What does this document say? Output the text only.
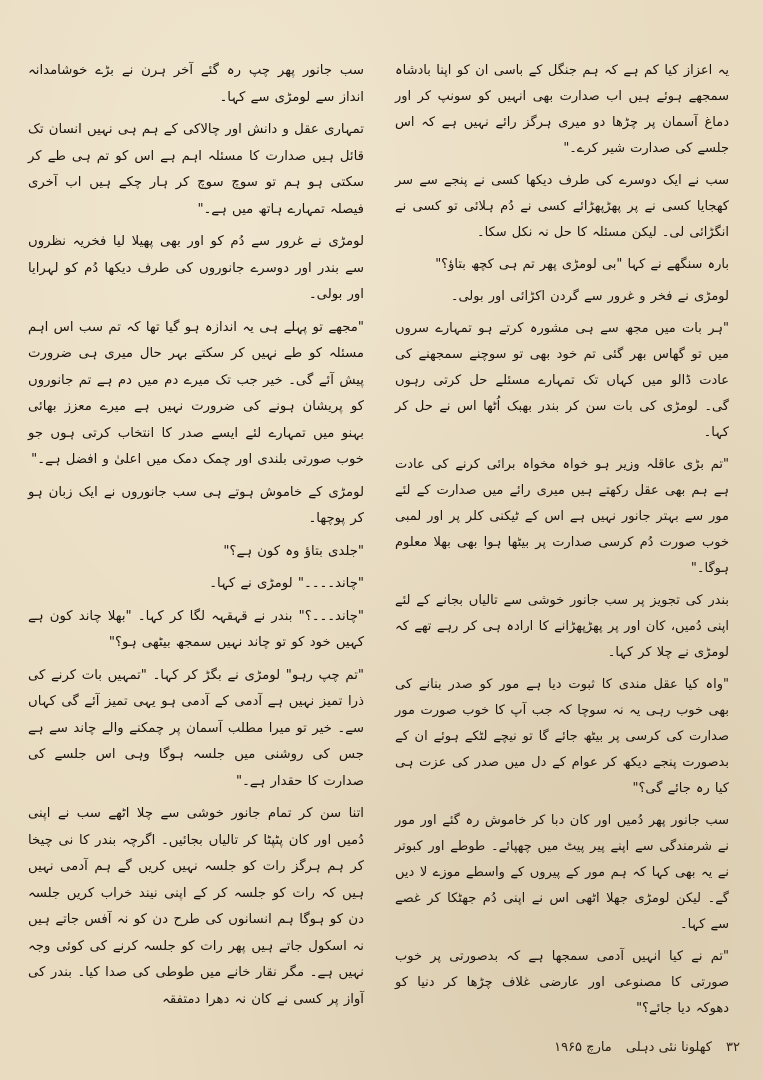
یہ اعزاز کیا کم ہے کہ ہم جنگل کے باسی ان کو اپنا بادشاہ سمجھے ہوئے ہیں اب صدارت بھی انہیں کو سونپ کر اور دماغ آسمان پر چڑھا دو میری ہرگز رائے نہیں ہے کہ اس جلسے کی صدارت شیر کرے۔"

سب نے ایک دوسرے کی طرف دیکھا کسی نے پنجے سے سر کھجایا کسی نے پر پھڑپھڑائے کسی نے دُم ہلائی تو کسی نے انگڑائی لی۔ لیکن مسئلہ کا حل نہ نکل سکا۔

بارہ سنگھے نے کہا "بی لومڑی پھر تم ہی کچھ بتاؤ؟"

لومڑی نے فخر و غرور سے گردن اکڑائی اور بولی۔

"ہر بات میں مجھ سے ہی مشورہ کرتے ہو تمہارے سروں میں تو گھاس بھر گئی تم خود بھی تو سوچنے سمجھنے کی عادت ڈالو میں کہاں تک تمہارے مسئلے حل کرتی رہوں گی۔ لومڑی کی بات سن کر بندر بھبک اُٹھا اس نے حل کر کہا۔

"تم بڑی عاقلہ وزیر ہو خواہ مخواہ برائی کرنے کی عادت ہے ہم بھی عقل رکھتے ہیں میری رائے میں صدارت کے لئے مور سے بہتر جانور نہیں ہے اس کے ٹیکنی کلر پر اور لمبی خوب صورت دُم کرسی صدارت پر بیٹھا ہوا بھی بھلا معلوم ہوگا۔"

بندر کی تجویز پر سب جانور خوشی سے تالیاں بجانے کے لئے اپنی دُمیں، کان اور پر پھڑپھڑانے کا ارادہ ہی کر رہے تھے کہ لومڑی نے چلا کر کہا۔

"واہ کیا عقل مندی کا ثبوت دیا ہے مور کو صدر بنانے کی بھی خوب رہی یہ نہ سوچا کہ جب آپ کا خوب صورت مور صدارت کی کرسی پر بیٹھ جائے گا تو نیچے لٹکے ہوئے ان کے بدصورت پنجے دیکھ کر عوام کے دل میں صدر کی عزت ہی کیا رہ جائے گی؟"

سب جانور پھر دُمیں اور کان دبا کر خاموش رہ گئے اور مور نے شرمندگی سے اپنے پیر پیٹ میں چھپائے۔ طوطے اور کبوتر نے یہ بھی کہا کہ ہم مور کے پیروں کے واسطے موزے لا دیں گے۔ لیکن لومڑی جھلا اٹھی اس نے اپنی دُم جھٹکا کر غصے سے کہا۔

"تم نے کیا انہیں آدمی سمجھا ہے کہ بدصورتی پر خوب صورتی کا مصنوعی اور عارضی غلاف چڑھا کر دنیا کو دھوکہ دیا جائے؟"

سب جانور پھر چپ رہ گئے آخر ہرن نے بڑے خوشامدانہ انداز سے لومڑی سے کہا۔

تمہاری عقل و دانش اور چالاکی کے ہم ہی نہیں انسان تک قائل ہیں صدارت کا مسئلہ اہم ہے اس کو تم ہی طے کر سکتی ہو ہم تو سوچ سوچ کر ہار چکے ہیں اب آخری فیصلہ تمہارے ہاتھ میں ہے۔"

لومڑی نے غرور سے دُم کو اور بھی پھیلا لیا فخریہ نظروں سے بندر اور دوسرے جانوروں کی طرف دیکھا دُم کو لہرایا اور بولی۔

"مجھے تو پہلے ہی یہ اندازہ ہو گیا تھا کہ تم سب اس اہم مسئلہ کو طے نہیں کر سکتے بہر حال میری ہی ضرورت پیش آئے گی۔ خیر جب تک میرے دم میں دم ہے تم جانوروں کو پریشان ہونے کی ضرورت نہیں ہے میرے معزز بھائی بہنو میں تمہارے لئے ایسے صدر کا انتخاب کرتی ہوں جو خوب صورتی بلندی اور چمک دمک میں اعلیٰ و افضل ہے۔"

لومڑی کے خاموش ہوتے ہی سب جانوروں نے ایک زبان ہو کر پوچھا۔

"جلدی بتاؤ وہ کون ہے؟"

"چاند۔۔۔۔" لومڑی نے کہا۔

"چاند۔۔۔؟" بندر نے قہقہہ لگا کر کہا۔ "بھلا چاند کون ہے کہیں خود کو تو چاند نہیں سمجھ بیٹھی ہو؟"

"تم چپ رہو" لومڑی نے بگڑ کر کہا۔ "تمہیں بات کرنے کی ذرا تمیز نہیں ہے آدمی کے آدمی ہو یہی تمیز آئے گی کہاں سے۔ خیر تو میرا مطلب آسمان پر چمکنے والے چاند سے ہے جس کی روشنی میں جلسہ ہوگا وہی اس جلسے کی صدارت کا حقدار ہے۔"

اتنا سن کر تمام جانور خوشی سے چلا اٹھے سب نے اپنی دُمیں اور کان پٹپٹا کر تالیاں بجائیں۔ اگرچہ بندر کا نی چیخا کر ہم ہرگز رات کو جلسہ نہیں کریں گے ہم آدمی نہیں ہیں کہ رات کو جلسہ کر کے اپنی نیند خراب کریں جلسہ دن کو ہوگا ہم انسانوں کی طرح دن کو نہ آفس جاتے ہیں نہ اسکول جاتے ہیں پھر رات کو جلسہ کرنے کی کوئی وجہ نہیں ہے۔ مگر نقار خانے میں طوطی کی صدا کیا۔ بندر کی آواز پر کسی نے کان نہ دھرا دمتفقہ

۳۲ کھلونا نئی دہلی مارچ ۱۹۶۵
